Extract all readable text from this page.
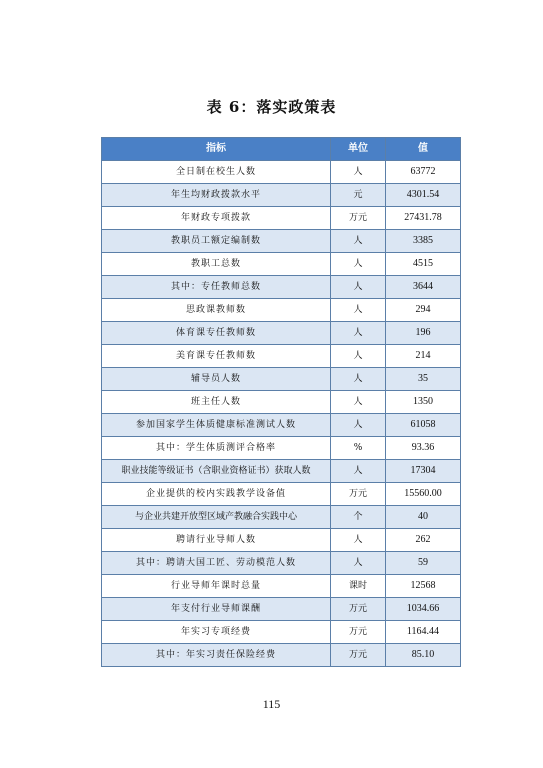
表 6：落实政策表
指标	单位	值
全日制在校生人数	人	63772
年生均财政拨款水平	元	4301.54
年财政专项拨款	万元	27431.78
教职员工额定编制数	人	3385
教职工总数	人	4515
其中：专任教师总数	人	3644
思政课教师数	人	294
体育课专任教师数	人	196
美育课专任教师数	人	214
辅导员人数	人	35
班主任人数	人	1350
参加国家学生体质健康标准测试人数	人	61058
其中：学生体质测评合格率	%	93.36
职业技能等级证书（含职业资格证书）获取人数	人	17304
企业提供的校内实践教学设备值	万元	15560.00
与企业共建开放型区域产教融合实践中心	个	40
聘请行业导师人数	人	262
其中：聘请大国工匠、劳动模范人数	人	59
行业导师年课时总量	课时	12568
年支付行业导师课酬	万元	1034.66
年实习专项经费	万元	1164.44
其中：年实习责任保险经费	万元	85.10
115
